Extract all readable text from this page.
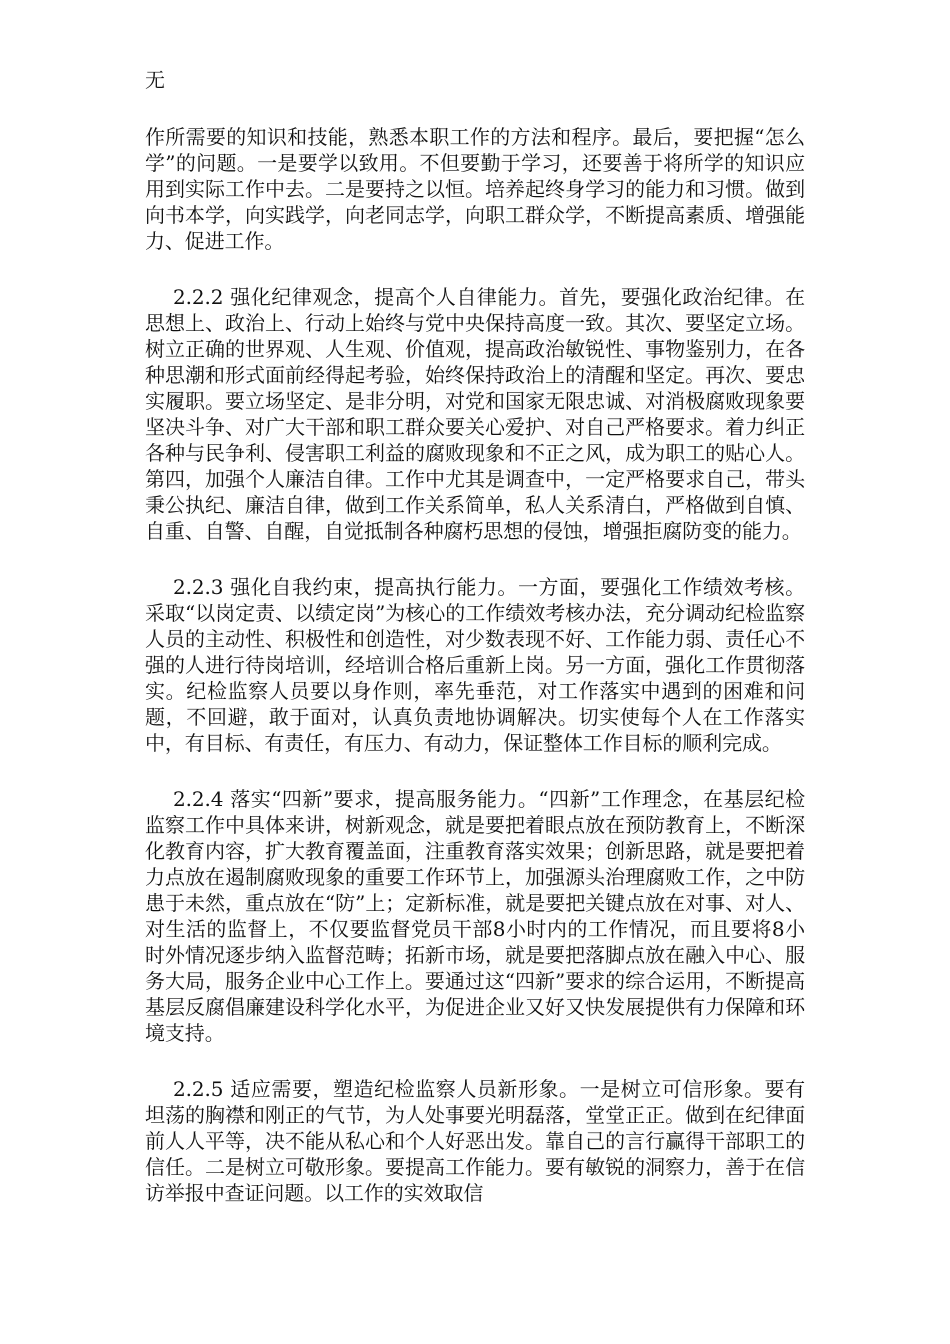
无

作所需要的知识和技能，熟悉本职工作的方法和程序。最后，要把握“怎么学”的问题。一是要学以致用。不但要勤于学习，还要善于将所学的知识应用到实际工作中去。二是要持之以恒。培养起终身学习的能力和习惯。做到向书本学，向实践学，向老同志学，向职工群众学，不断提高素质、增强能力、促进工作。

2.2.2 强化纪律观念，提高个人自律能力。首先，要强化政治纪律。在思想上、政治上、行动上始终与党中央保持高度一致。其次、要坚定立场。树立正确的世界观、人生观、价值观，提高政治敏锐性、事物鉴别力，在各种思潮和形式面前经得起考验，始终保持政治上的清醒和坚定。再次、要忠实履职。要立场坚定、是非分明，对党和国家无限忠诚、对消极腐败现象要坚决斗争、对广大干部和职工群众要关心爱护、对自己严格要求。着力纠正各种与民争利、侵害职工利益的腐败现象和不正之风，成为职工的贴心人。第四，加强个人廉洁自律。工作中尤其是调查中，一定严格要求自己，带头秉公执纪、廉洁自律，做到工作关系简单，私人关系清白，严格做到自慎、自重、自警、自醒，自觉抵制各种腐朽思想的侵蚀，增强拒腐防变的能力。

2.2.3 强化自我约束，提高执行能力。一方面，要强化工作绩效考核。采取“以岗定责、以绩定岗”为核心的工作绩效考核办法，充分调动纪检监察人员的主动性、积极性和创造性，对少数表现不好、工作能力弱、责任心不强的人进行待岗培训，经培训合格后重新上岗。另一方面，强化工作贯彻落实。纪检监察人员要以身作则，率先垂范，对工作落实中遇到的困难和问题，不回避，敢于面对，认真负责地协调解决。切实使每个人在工作落实中，有目标、有责任，有压力、有动力，保证整体工作目标的顺利完成。

2.2.4 落实“四新”要求，提高服务能力。“四新”工作理念，在基层纪检监察工作中具体来讲，树新观念，就是要把着眼点放在预防教育上，不断深化教育内容，扩大教育覆盖面，注重教育落实效果；创新思路，就是要把着力点放在遏制腐败现象的重要工作环节上，加强源头治理腐败工作，之中防患于未然，重点放在“防”上；定新标准，就是要把关键点放在对事、对人、对生活的监督上，不仅要监督党员干部8小时内的工作情况，而且要将8小时外情况逐步纳入监督范畴；拓新市场，就是要把落脚点放在融入中心、服务大局，服务企业中心工作上。要通过这“四新”要求的综合运用，不断提高基层反腐倡廉建设科学化水平，为促进企业又好又快发展提供有力保障和环境支持。

2.2.5 适应需要，塑造纪检监察人员新形象。一是树立可信形象。要有坦荡的胸襟和刚正的气节，为人处事要光明磊落，堂堂正正。做到在纪律面前人人平等，决不能从私心和个人好恶出发。靠自己的言行赢得干部职工的信任。二是树立可敬形象。要提高工作能力。要有敏锐的洞察力，善于在信访举报中查证问题。以工作的实效取信
